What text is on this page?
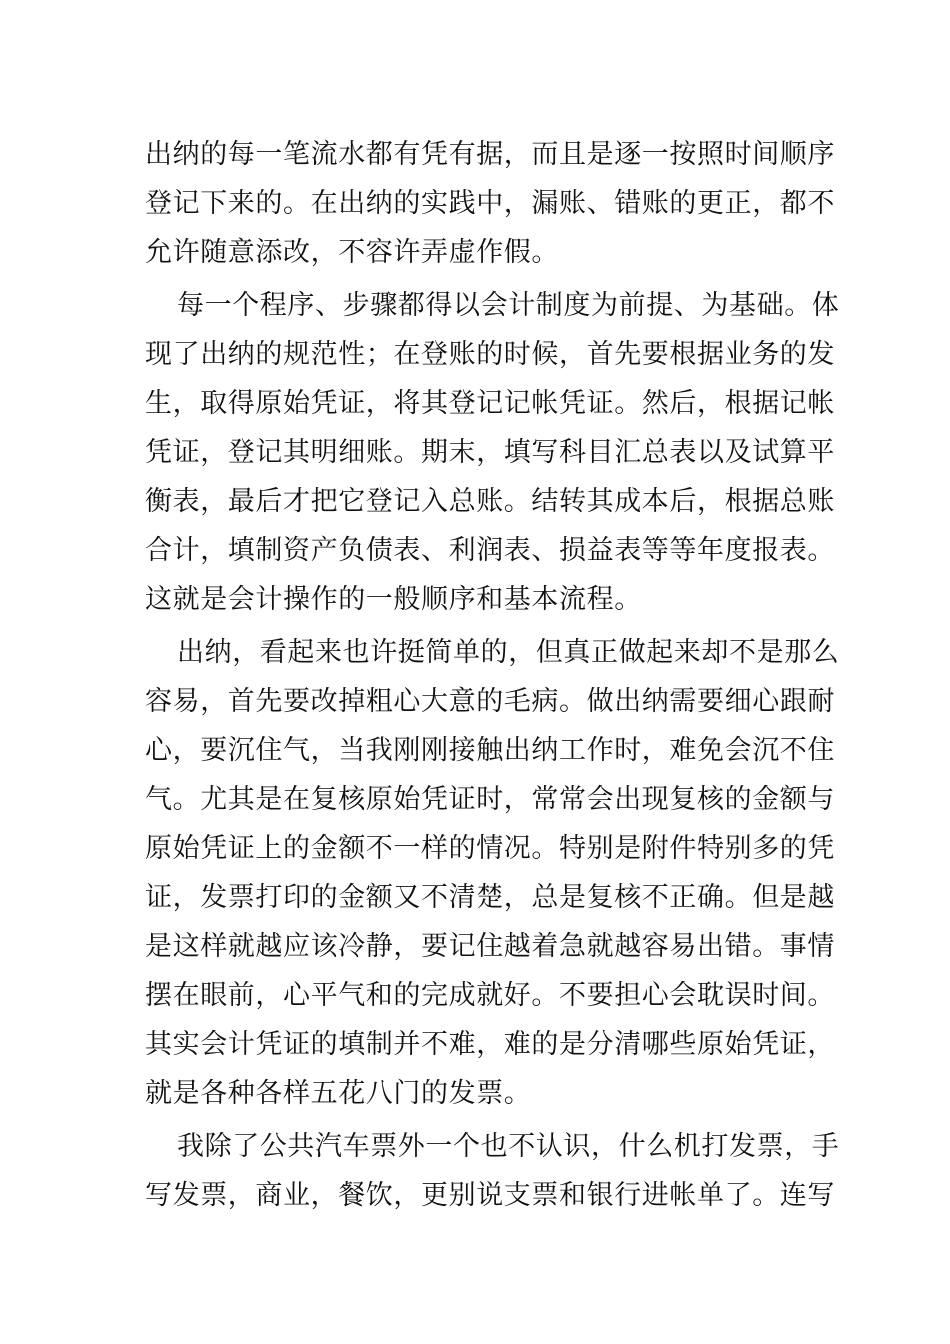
出纳的每一笔流水都有凭有据，而且是逐一按照时间顺序
登记下来的。在出纳的实践中，漏账、错账的更正，都不
允许随意添改，不容许弄虚作假。
每一个程序、步骤都得以会计制度为前提、为基础。体
现了出纳的规范性；在登账的时候，首先要根据业务的发
生，取得原始凭证，将其登记记帐凭证。然后，根据记帐
凭证，登记其明细账。期末，填写科目汇总表以及试算平
衡表，最后才把它登记入总账。结转其成本后，根据总账
合计，填制资产负债表、利润表、损益表等等年度报表。
这就是会计操作的一般顺序和基本流程。
出纳，看起来也许挺简单的，但真正做起来却不是那么
容易，首先要改掉粗心大意的毛病。做出纳需要细心跟耐
心，要沉住气，当我刚刚接触出纳工作时，难免会沉不住
气。尤其是在复核原始凭证时，常常会出现复核的金额与
原始凭证上的金额不一样的情况。特别是附件特别多的凭
证，发票打印的金额又不清楚，总是复核不正确。但是越
是这样就越应该冷静，要记住越着急就越容易出错。事情
摆在眼前，心平气和的完成就好。不要担心会耽误时间。
其实会计凭证的填制并不难，难的是分清哪些原始凭证，
就是各种各样五花八门的发票。
我除了公共汽车票外一个也不认识，什么机打发票，手
写发票，商业，餐饮，更别说支票和银行进帐单了。连写
